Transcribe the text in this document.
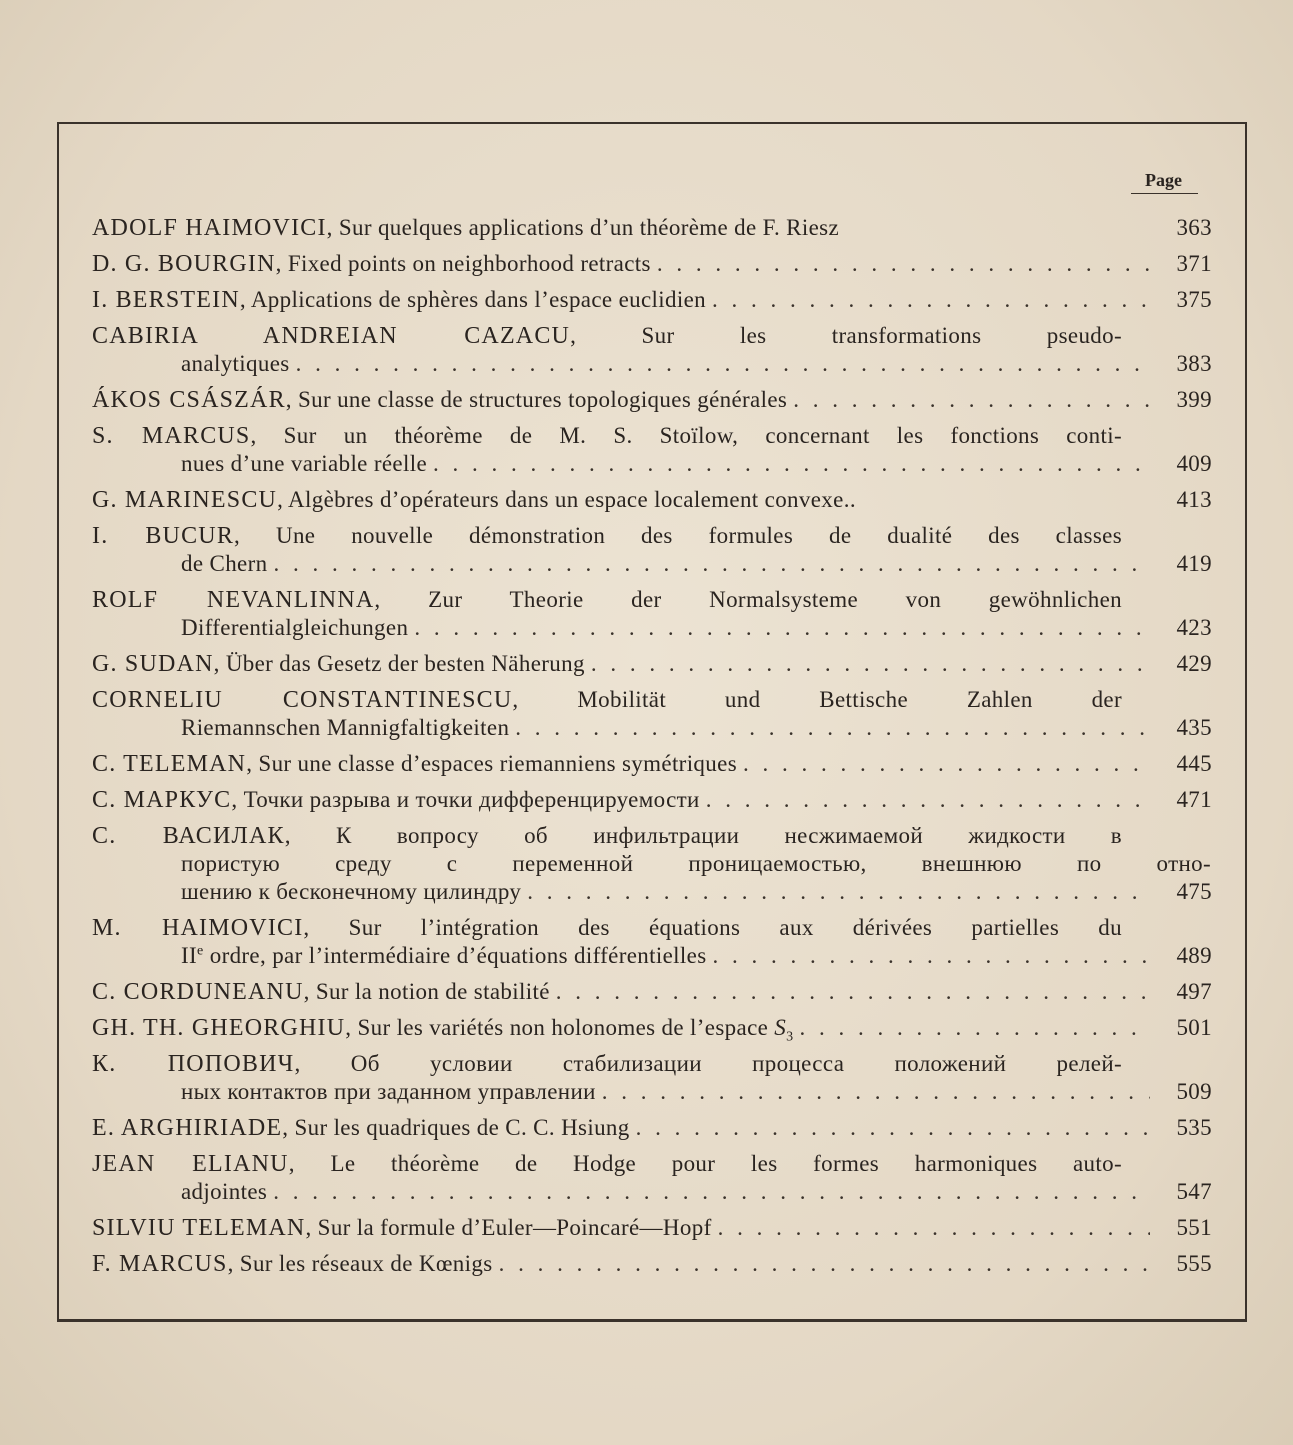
Page
ADOLF HAIMOVICI, Sur quelques applications d’un théorème de F. Riesz	363
D. G. BOURGIN, Fixed points on neighborhood retracts . . .	371
I. BERSTEIN, Applications de sphères dans l’espace euclidien . . .	375
CABIRIA ANDREIAN CAZACU, Sur les transformations pseudo-
analytiques . . .	383
ÁKOS CSÁSZÁR, Sur une classe de structures topologiques générales . . .	399
S. MARCUS, Sur un théorème de M. S. Stoïlow, concernant les fonctions conti-
nues d’une variable réelle . . .	409
G. MARINESCU, Algèbres d’opérateurs dans un espace localement convexe..	413
I. BUCUR, Une nouvelle démonstration des formules de dualité des classes
de Chern . . .	419
ROLF NEVANLINNA, Zur Theorie der Normalsysteme von gewöhnlichen
Differentialgleichungen . . .	423
G. SUDAN, Über das Gesetz der besten Näherung . . .	429
CORNELIU CONSTANTINESCU, Mobilität und Bettische Zahlen der
Riemannschen Mannigfaltigkeiten . . .	435
C. TELEMAN, Sur une classe d’espaces riemanniens symétriques . . .	445
С. МАРКУС, Точки разрыва и точки дифференцируемости . . .	471
С. ВАСИЛАК, К вопросу об инфильтрации несжимаемой жидкости в
пористую среду с переменной проницаемостью, внешнюю по отно-
шению к бесконечному цилиндру . . .	475
M. HAIMOVICI, Sur l’intégration des équations aux dérivées partielles du
IIe ordre, par l’intermédiaire d’équations différentielles . . .	489
C. CORDUNEANU, Sur la notion de stabilité . . .	497
GH. TH. GHEORGHIU, Sur les variétés non holonomes de l’espace $S_3$ . . .	501
К. ПОПОВИЧ, Об условии стабилизации процесса положений релей-
ных контактов при заданном управлении . . .	509
E. ARGHIRIADE, Sur les quadriques de C. C. Hsiung . . .	535
JEAN ELIANU, Le théorème de Hodge pour les formes harmoniques auto-
adjointes . . .	547
SILVIU TELEMAN, Sur la formule d’Euler—Poincaré—Hopf . . .	551
F. MARCUS, Sur les réseaux de Kœnigs . . .	555
